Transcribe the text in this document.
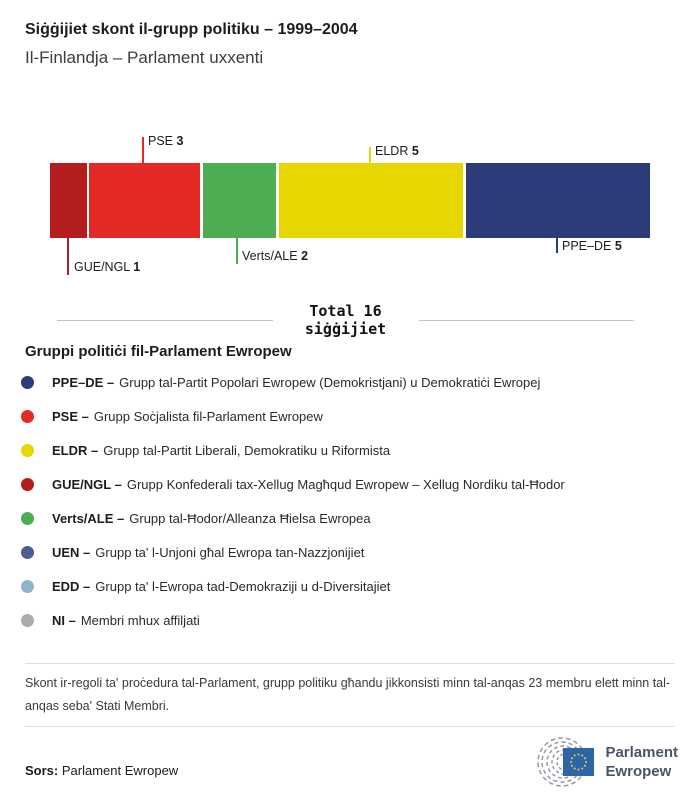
Siġġijiet skont il-grupp politiku – 1999–2004
Il-Finlandja – Parlament uxxenti
PSE 3
ELDR 5
GUE/NGL 1
Verts/ALE 2
PPE–DE 5
Total 16
siġġijiet
Gruppi politiċi fil-Parlament Ewropew
PPE–DE – Grupp tal-Partit Popolari Ewropew (Demokristjani) u Demokratiċi Ewropej
PSE – Grupp Soċjalista fil-Parlament Ewropew
ELDR – Grupp tal-Partit Liberali, Demokratiku u Riformista
GUE/NGL – Grupp Konfederali tax-Xellug Magħqud Ewropew – Xellug Nordiku tal-Ħodor
Verts/ALE – Grupp tal-Ħodor/Alleanza Ħielsa Ewropea
UEN – Grupp ta' l-Unjoni għal Ewropa tan-Nazzjonijiet
EDD – Grupp ta' l-Ewropa tad-Demokraziji u d-Diversitajiet
NI – Membri mhux affiljati
Skont ir-regoli ta' proċedura tal-Parlament, grupp politiku għandu jikkonsisti minn tal-anqas 23 membru elett minn tal-anqas seba' Stati Membri.
Sors: Parlament Ewropew
Parlament
Ewropew
